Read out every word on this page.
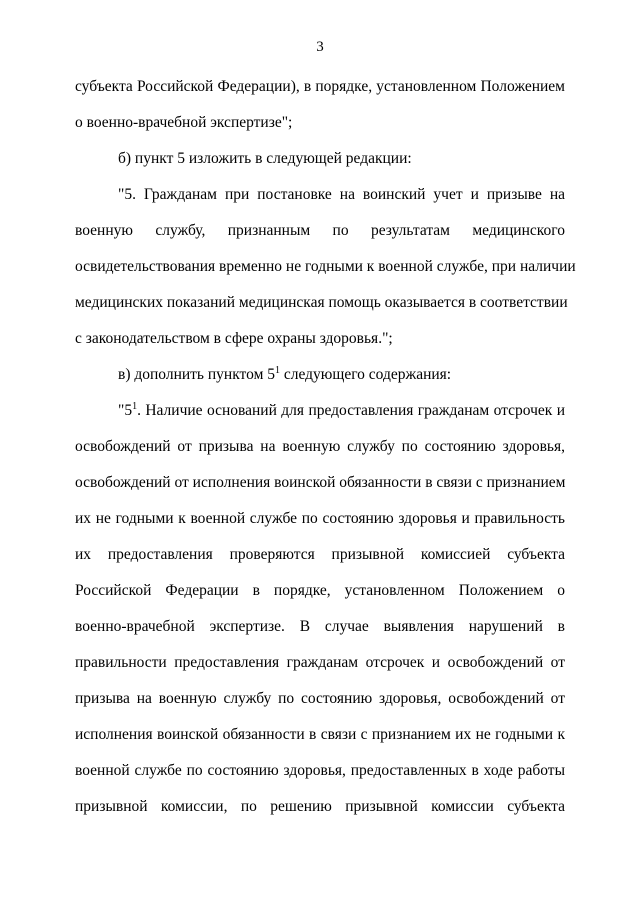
3
субъекта Российской Федерации), в порядке, установленном Положением
о военно-врачебной экспертизе";
б) пункт 5 изложить в следующей редакции:
"5. Гражданам при постановке на воинский учет и призыве на
военную службу, признанным по результатам медицинского
освидетельствования временно не годными к военной службе, при наличии
медицинских показаний медицинская помощь оказывается в соответствии
с законодательством в сфере охраны здоровья.";
в) дополнить пунктом $5^1$ следующего содержания:
"$5^1$. Наличие оснований для предоставления гражданам отсрочек и
освобождений от призыва на военную службу по состоянию здоровья,
освобождений от исполнения воинской обязанности в связи с признанием
их не годными к военной службе по состоянию здоровья и правильность
их предоставления проверяются призывной комиссией субъекта
Российской Федерации в порядке, установленном Положением о
военно-врачебной экспертизе. В случае выявления нарушений в
правильности предоставления гражданам отсрочек и освобождений от
призыва на военную службу по состоянию здоровья, освобождений от
исполнения воинской обязанности в связи с признанием их не годными к
военной службе по состоянию здоровья, предоставленных в ходе работы
призывной комиссии, по решению призывной комиссии субъекта
